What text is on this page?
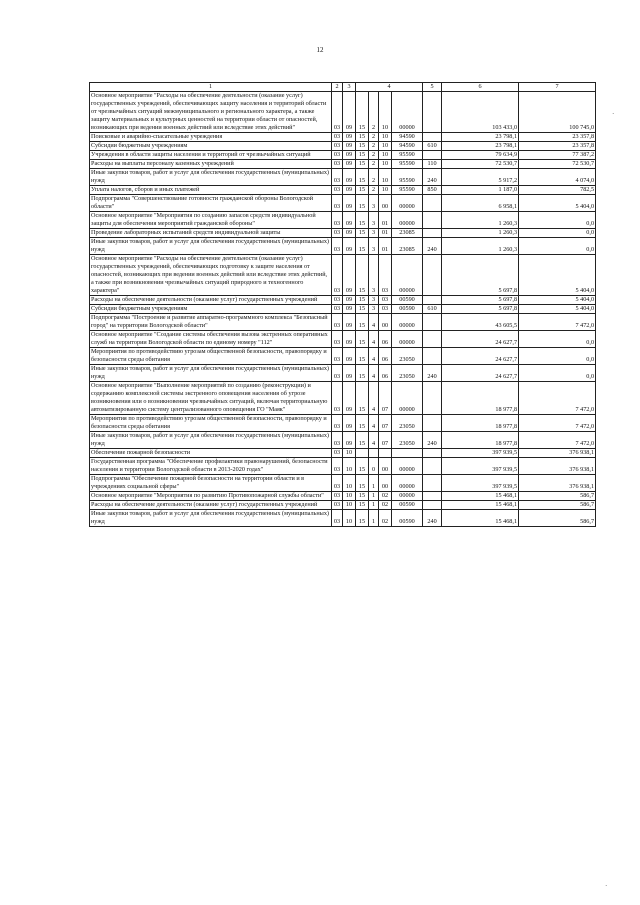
12
1	2	3	4				5	6	7
Основное мероприятие "Расходы на обеспечение деятельности (оказание услуг) государственных учреждений, обеспечивающих защиту населения и территорий области от чрезвычайных ситуаций межмуниципального и регионального характера, а также защиту материальных и культурных ценностей на территории области от опасностей, возникающих при ведении военных действий или вследствие этих действий"	03	09	15	2	10	00000		103 433,0	100 745,0
Поисковые и аварийно-спасательные учреждения	03	09	15	2	10	94590		23 798,1	23 357,8
Субсидии бюджетным учреждениям	03	09	15	2	10	94590	610	23 798,1	23 357,8
Учреждения в области защиты населения и территорий от чрезвычайных ситуаций	03	09	15	2	10	95590		79 634,9	77 387,2
Расходы на выплаты персоналу казенных учреждений	03	09	15	2	10	95590	110	72 530,7	72 530,7
Иные закупки товаров, работ и услуг для обеспечения государственных (муниципальных) нужд	03	09	15	2	10	95590	240	5 917,2	4 074,0
Уплата налогов, сборов и иных платежей	03	09	15	2	10	95590	850	1 187,0	782,5
Подпрограмма "Совершенствование готовности гражданской обороны Вологодской области"	03	09	15	3	00	00000		6 958,1	5 404,0
Основное мероприятие "Мероприятия по созданию запасов средств индивидуальной защиты для обеспечения мероприятий гражданской обороны"	03	09	15	3	01	00000		1 260,3	0,0
Проведение лабораторных испытаний средств индивидуальной защиты	03	09	15	3	01	23085		1 260,3	0,0
Иные закупки товаров, работ и услуг для обеспечения государственных (муниципальных) нужд	03	09	15	3	01	23085	240	1 260,3	0,0
Основное мероприятие "Расходы на обеспечение деятельности (оказание услуг) государственных учреждений, обеспечивающих подготовку к защите населения от опасностей, возникающих при ведении военных действий или вследствие этих действий, а также при возникновении чрезвычайных ситуаций природного и техногенного характера"	03	09	15	3	03	00000		5 697,8	5 404,0
Расходы на обеспечение деятельности (оказание услуг) государственных учреждений	03	09	15	3	03	00590		5 697,8	5 404,0
Субсидии бюджетным учреждениям	03	09	15	3	03	00590	610	5 697,8	5 404,0
Подпрограмма "Построение и развитие аппаратно-программного комплекса "Безопасный город" на территории Вологодской области"	03	09	15	4	00	00000		43 605,5	7 472,0
Основное мероприятие "Создание системы обеспечения вызова экстренных оперативных служб на территории Вологодской области по единому номеру "112"	03	09	15	4	06	00000		24 627,7	0,0
Мероприятия по противодействию угрозам общественной безопасности, правопорядку и безопасности среды обитания	03	09	15	4	06	23050		24 627,7	0,0
Иные закупки товаров, работ и услуг для обеспечения государственных (муниципальных) нужд	03	09	15	4	06	23050	240	24 627,7	0,0
Основное мероприятие "Выполнение мероприятий по созданию (реконструкции) и содержанию комплексной системы экстренного оповещения населения об угрозе возникновения или о возникновении чрезвычайных ситуаций, включая территориальную автоматизированную систему централизованного оповещения ГО "Маяк"	03	09	15	4	07	00000		18 977,8	7 472,0
Мероприятия по противодействию угрозам общественной безопасности, правопорядку и безопасности среды обитания	03	09	15	4	07	23050		18 977,8	7 472,0
Иные закупки товаров, работ и услуг для обеспечения государственных (муниципальных) нужд	03	09	15	4	07	23050	240	18 977,8	7 472,0
Обеспечение пожарной безопасности	03	10						397 939,5	376 938,1
Государственная программа "Обеспечение профилактики правонарушений, безопасности населения и территории Вологодской области в 2013-2020 годах"	03	10	15	0	00	00000		397 939,5	376 938,1
Подпрограмма "Обеспечение пожарной безопасности на территории области и в учреждениях социальной сферы"	03	10	15	1	00	00000		397 939,5	376 938,1
Основное мероприятие "Мероприятия по развитию Противопожарной службы области"	03	10	15	1	02	00000		15 468,1	586,7
Расходы на обеспечение деятельности (оказание услуг) государственных учреждений	03	10	15	1	02	00590		15 468,1	586,7
Иные закупки товаров, работ и услуг для обеспечения государственных (муниципальных) нужд	03	10	15	1	02	00590	240	15 468,1	586,7
·
·
